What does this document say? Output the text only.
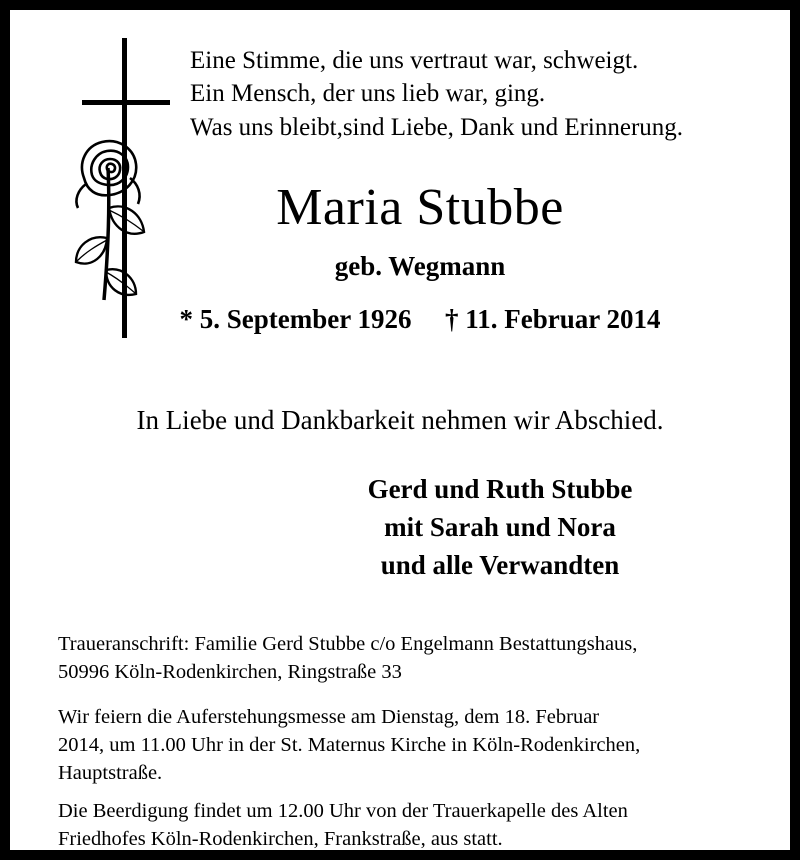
Eine Stimme, die uns vertraut war, schweigt.
Ein Mensch, der uns lieb war, ging.
Was uns bleibt,sind Liebe, Dank und Erinnerung.
Maria Stubbe
geb. Wegmann
* 5. September 1926 † 11. Februar 2014
In Liebe und Dankbarkeit nehmen wir Abschied.
Gerd und Ruth Stubbe
mit Sarah und Nora
und alle Verwandten
Traueranschrift: Familie Gerd Stubbe c/o Engelmann Bestattungshaus,
50996 Köln-Rodenkirchen, Ringstraße 33
Wir feiern die Auferstehungsmesse am Dienstag, dem 18. Februar
2014, um 11.00 Uhr in der St. Maternus Kirche in Köln-Rodenkirchen,
Hauptstraße.
Die Beerdigung findet um 12.00 Uhr von der Trauerkapelle des Alten
Friedhofes Köln-Rodenkirchen, Frankstraße, aus statt.
